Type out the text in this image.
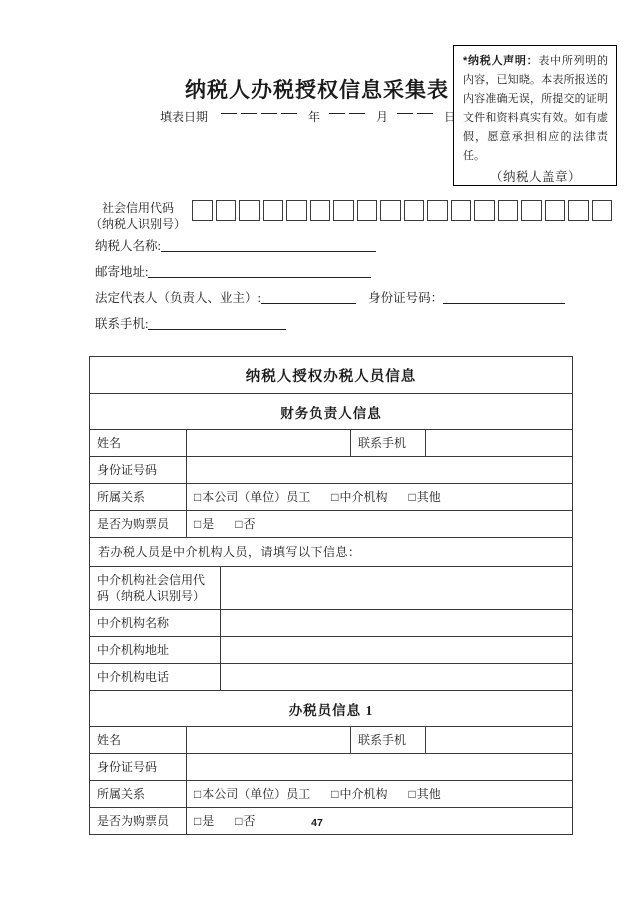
纳税人办税授权信息采集表
填表日期	年	月	日
*纳税人声明：表中所列明的内容，已知晓。本表所报送的内容准确无误，所提交的证明文件和资料真实有效。如有虚假，愿意承担相应的法律责任。
（纳税人盖章）
社会信用代码
（纳税人识别号）
纳税人名称:
邮寄地址:
法定代表人（负责人、业主）:	身份证号码：
联系手机:
纳税人授权办税人员信息
财务负责人信息
姓名	联系手机
身份证号码
所属关系	□本公司（单位）员工 □中介机构 □其他
是否为购票员	□是 □否
若办税人员是中介机构人员，请填写以下信息：
中介机构社会信用代码（纳税人识别号）
中介机构名称
中介机构地址
中介机构电话
办税员信息 1
姓名	联系手机
身份证号码
所属关系	□本公司（单位）员工 □中介机构 □其他
是否为购票员	□是 □否	47
